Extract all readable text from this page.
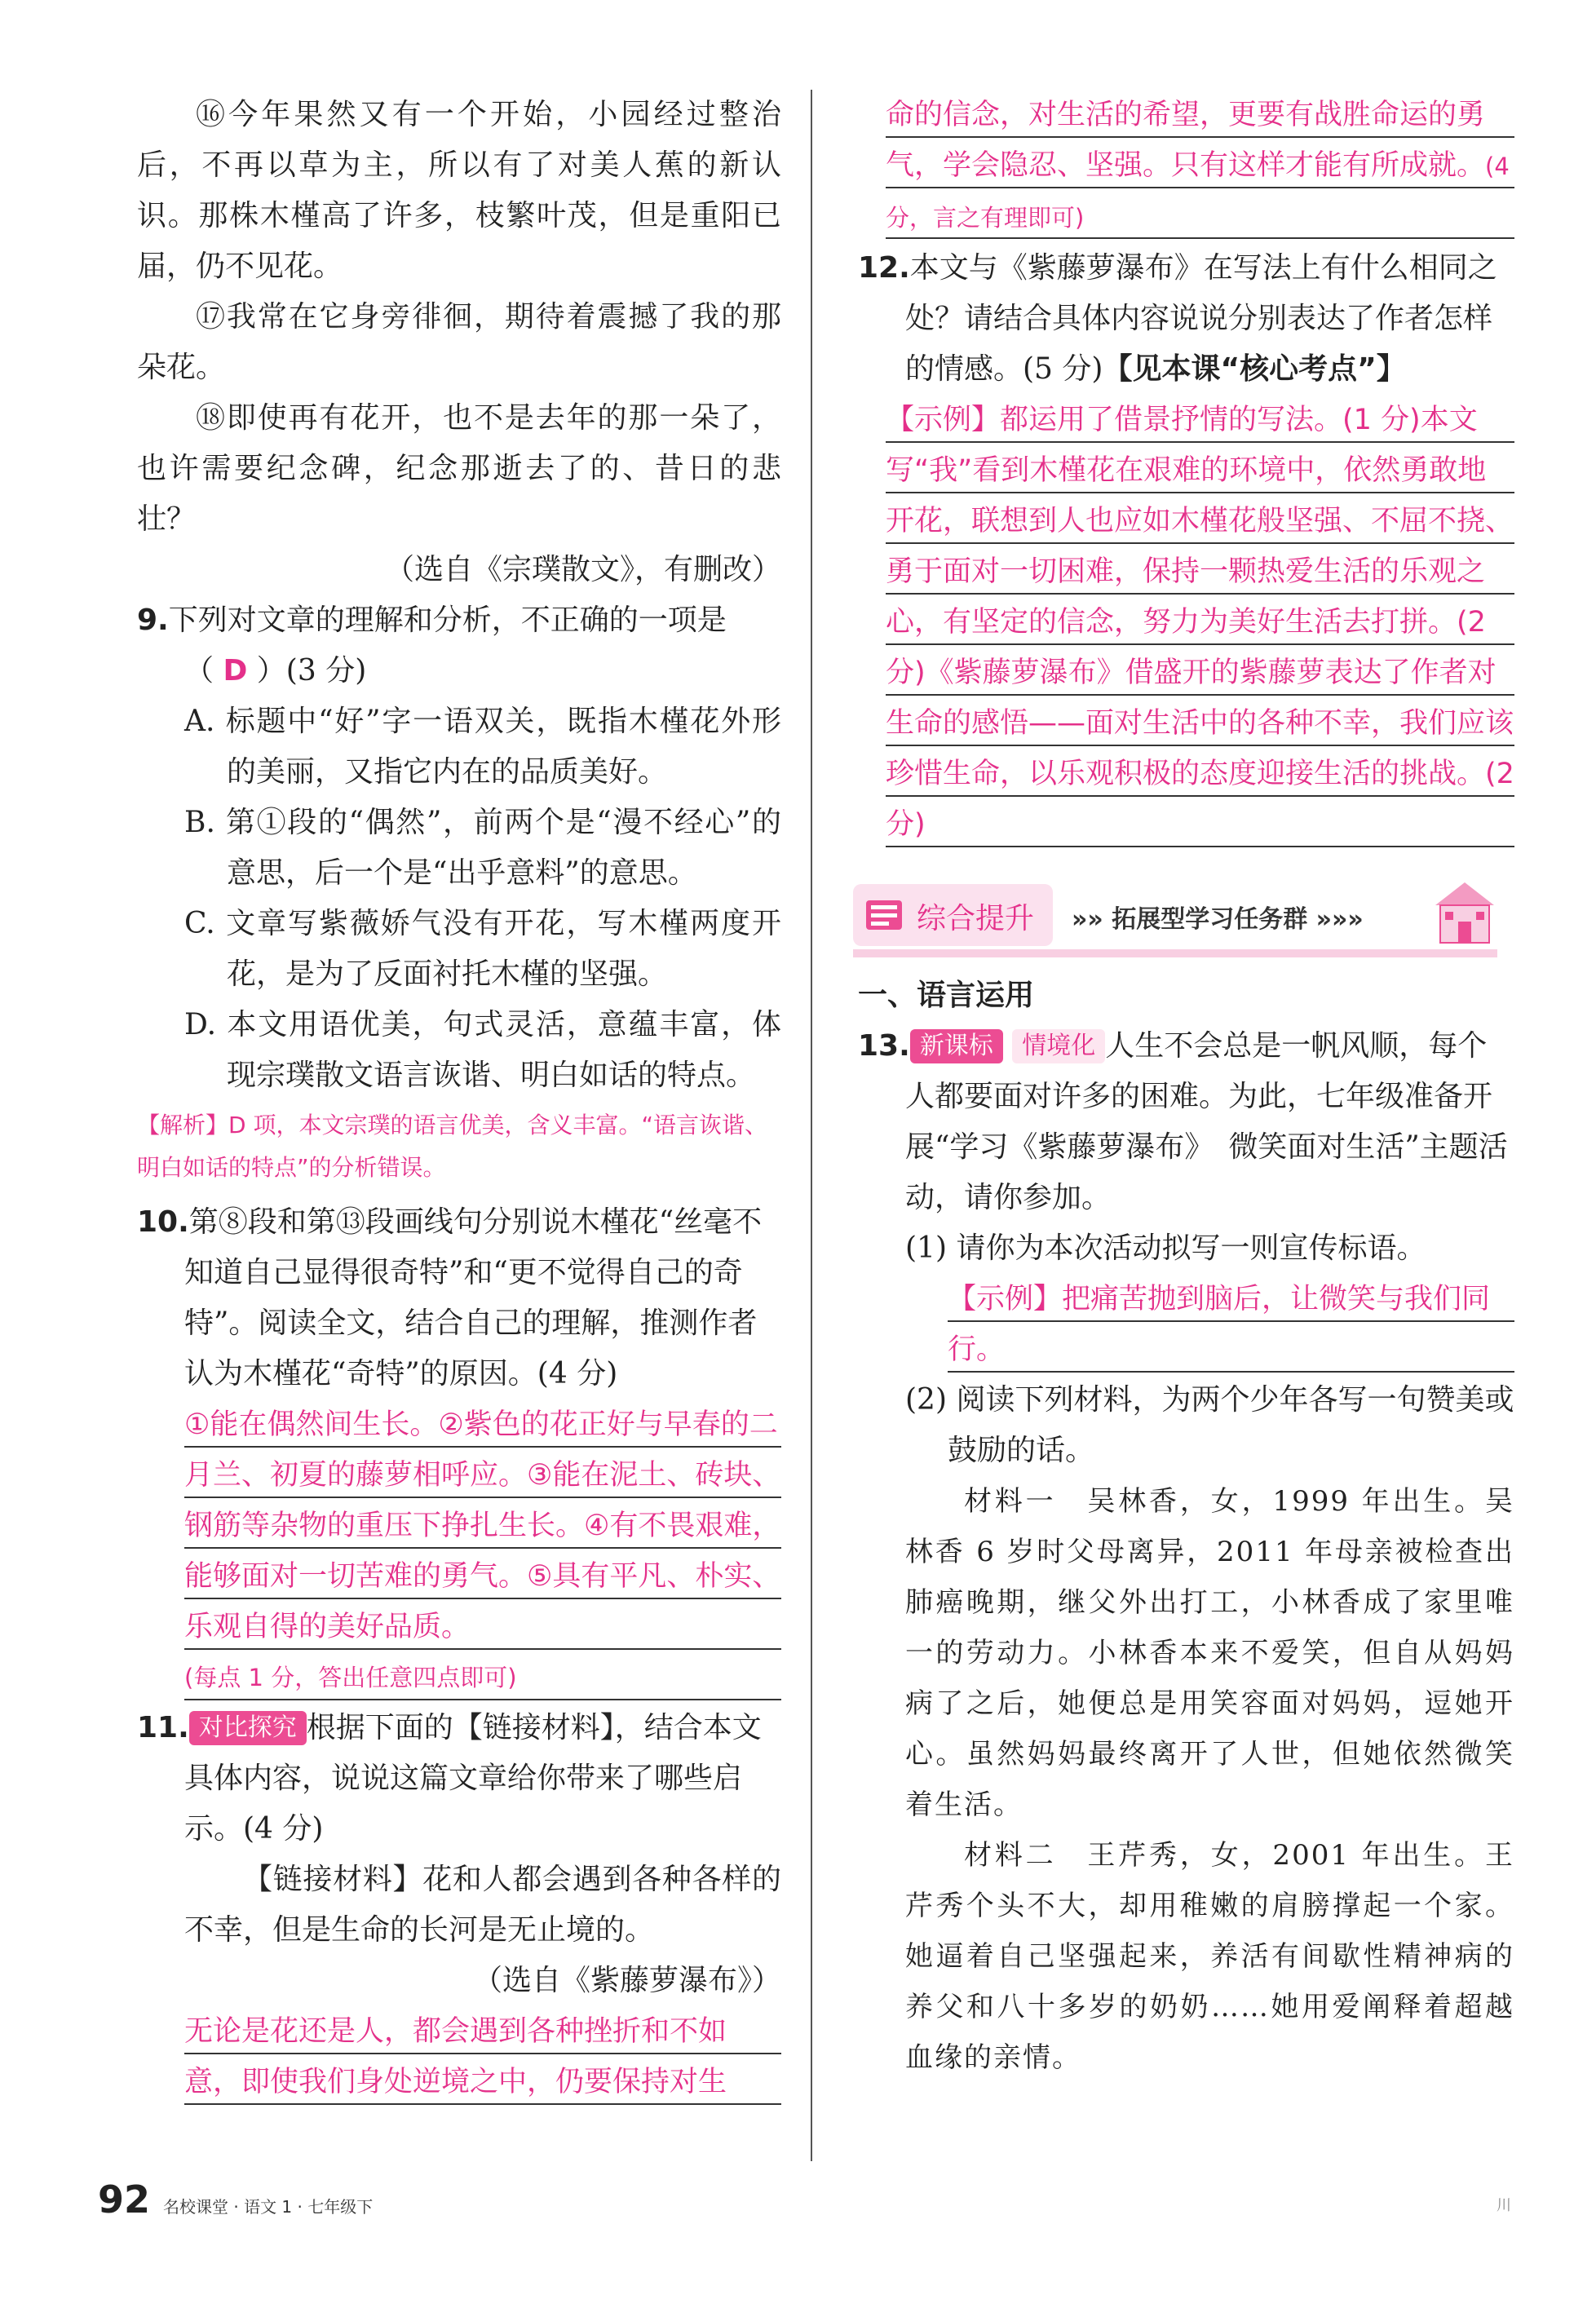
⑯今年果然又有一个开始，小园经过整治后，不再以草为主，所以有了对美人蕉的新认识。那株木槿高了许多，枝繁叶茂，但是重阳已届，仍不见花。

⑰我常在它身旁徘徊，期待着震撼了我的那朵花。

⑱即使再有花开，也不是去年的那一朵了，也许需要纪念碑，纪念那逝去了的、昔日的悲壮？

（选自《宗璞散文》，有删改）

9.下列对文章的理解和分析，不正确的一项是
（ D ）(3 分)

A. 标题中“好”字一语双关，既指木槿花外形的美丽，又指它内在的品质美好。

B. 第①段的“偶然”，前两个是“漫不经心”的意思，后一个是“出乎意料”的意思。

C. 文章写紫薇娇气没有开花，写木槿两度开花，是为了反面衬托木槿的坚强。

D. 本文用语优美，句式灵活，意蕴丰富，体现宗璞散文语言诙谐、明白如话的特点。

【解析】D 项，本文宗璞的语言优美，含义丰富。“语言诙谐、明白如话的特点”的分析错误。

10.第⑧段和第⑬段画线句分别说木槿花“丝毫不知道自己显得很奇特”和“更不觉得自己的奇特”。阅读全文，结合自己的理解，推测作者认为木槿花“奇特”的原因。(4 分)

①能在偶然间生长。②紫色的花正好与早春的二月兰、初夏的藤萝相呼应。③能在泥土、砖块、钢筋等杂物的重压下挣扎生长。④有不畏艰难，能够面对一切苦难的勇气。⑤具有平凡、朴实、乐观自得的美好品质。

(每点 1 分，答出任意四点即可)

11. 对比探究 根据下面的【链接材料】，结合本文具体内容，说说这篇文章给你带来了哪些启示。(4 分)

【链接材料】花和人都会遇到各种各样的不幸，但是生命的长河是无止境的。

（选自《紫藤萝瀑布》）

无论是花还是人，都会遇到各种挫折和不如意，即使我们身处逆境之中，仍要保持对生

命的信念，对生活的希望，更要有战胜命运的勇气，学会隐忍、坚强。只有这样才能有所成就。(4 分，言之有理即可)

12.本文与《紫藤萝瀑布》在写法上有什么相同之处？请结合具体内容说说分别表达了作者怎样的情感。(5 分)【见本课“核心考点”】

【示例】都运用了借景抒情的写法。(1 分)本文写“我”看到木槿花在艰难的环境中，依然勇敢地开花，联想到人也应如木槿花般坚强、不屈不挠、勇于面对一切困难，保持一颗热爱生活的乐观之心，有坚定的信念，努力为美好生活去打拼。(2 分)《紫藤萝瀑布》借盛开的紫藤萝表达了作者对生命的感悟——面对生活中的各种不幸，我们应该珍惜生命，以乐观积极的态度迎接生活的挑战。(2 分)

综合提升 »» 拓展型学习任务群 »»»

一、语言运用

13. 新课标 情境化 人生不会总是一帆风顺，每个人都要面对许多的困难。为此，七年级准备开展“学习《紫藤萝瀑布》　微笑面对生活”主题活动，请你参加。

(1) 请你为本次活动拟写一则宣传标语。

【示例】把痛苦抛到脑后，让微笑与我们同行。

(2) 阅读下列材料，为两个少年各写一句赞美或鼓励的话。

材料一　吴林香，女，1999 年出生。吴林香 6 岁时父母离异，2011 年母亲被检查出肺癌晚期，继父外出打工，小林香成了家里唯一的劳动力。小林香本来不爱笑，但自从妈妈病了之后，她便总是用笑容面对妈妈，逗她开心。虽然妈妈最终离开了人世，但她依然微笑着生活。

材料二　王芹秀，女，2001 年出生。王芹秀个头不大，却用稚嫩的肩膀撑起一个家。她逼着自己坚强起来，养活有间歇性精神病的养父和八十多岁的奶奶……她用爱阐释着超越血缘的亲情。

92 名校课堂 · 语文 1 · 七年级下	川
